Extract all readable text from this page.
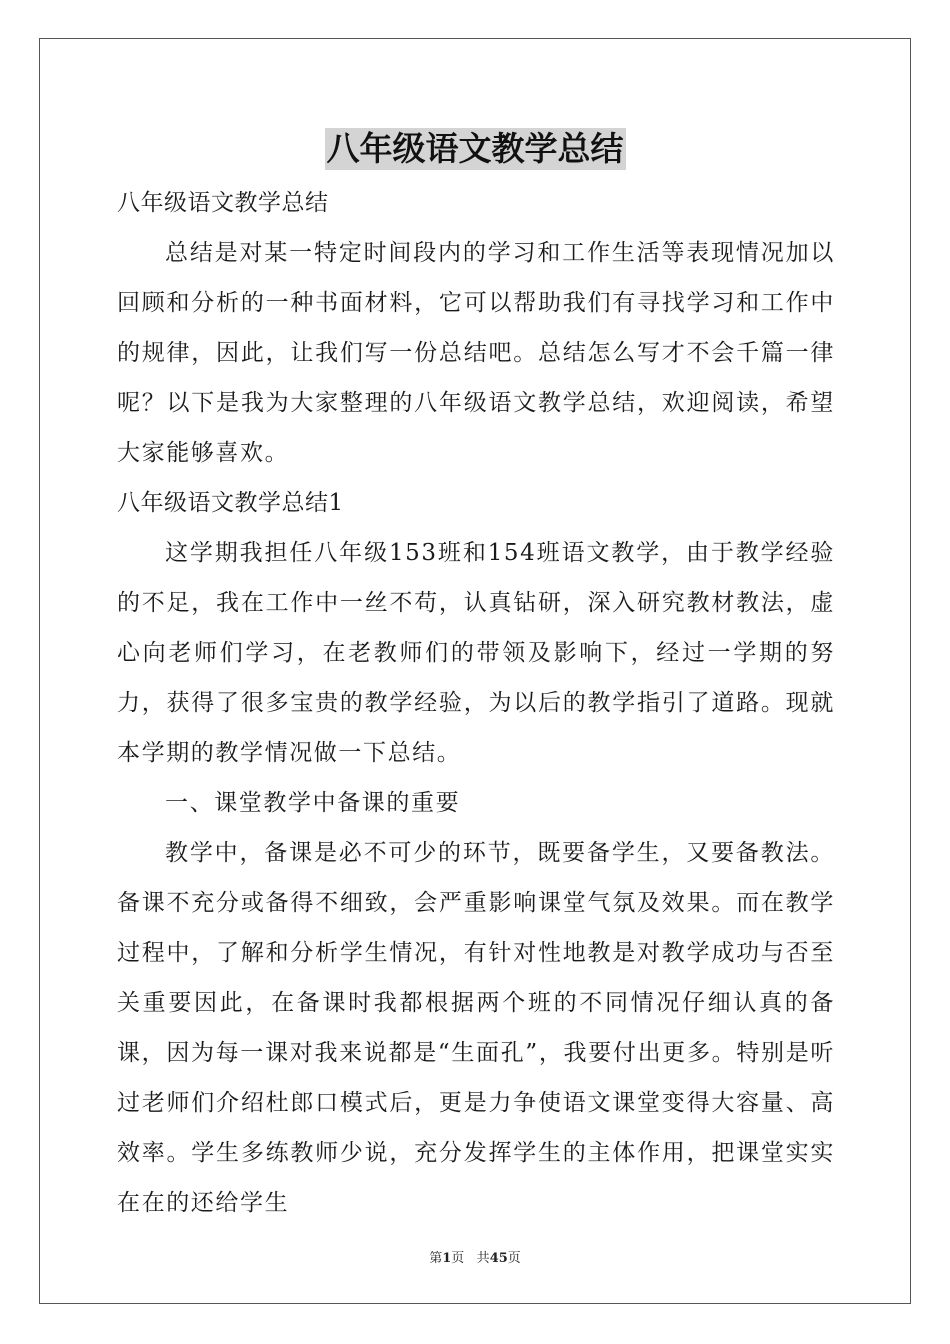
八年级语文教学总结

八年级语文教学总结

总结是对某一特定时间段内的学习和工作生活等表现情况加以回顾和分析的一种书面材料，它可以帮助我们有寻找学习和工作中的规律，因此，让我们写一份总结吧。总结怎么写才不会千篇一律呢？以下是我为大家整理的八年级语文教学总结，欢迎阅读，希望大家能够喜欢。

八年级语文教学总结1

这学期我担任八年级153班和154班语文教学，由于教学经验的不足，我在工作中一丝不苟，认真钻研，深入研究教材教法，虚心向老师们学习，在老教师们的带领及影响下，经过一学期的努力，获得了很多宝贵的教学经验，为以后的教学指引了道路。现就本学期的教学情况做一下总结。

一、课堂教学中备课的重要

教学中，备课是必不可少的环节，既要备学生，又要备教法。备课不充分或备得不细致，会严重影响课堂气氛及效果。而在教学过程中，了解和分析学生情况，有针对性地教是对教学成功与否至关重要因此，在备课时我都根据两个班的不同情况仔细认真的备课，因为每一课对我来说都是“生面孔”，我要付出更多。特别是听过老师们介绍杜郎口模式后，更是力争使语文课堂变得大容量、高效率。学生多练教师少说，充分发挥学生的主体作用，把课堂实实在在的还给学生

第1页 共45页
